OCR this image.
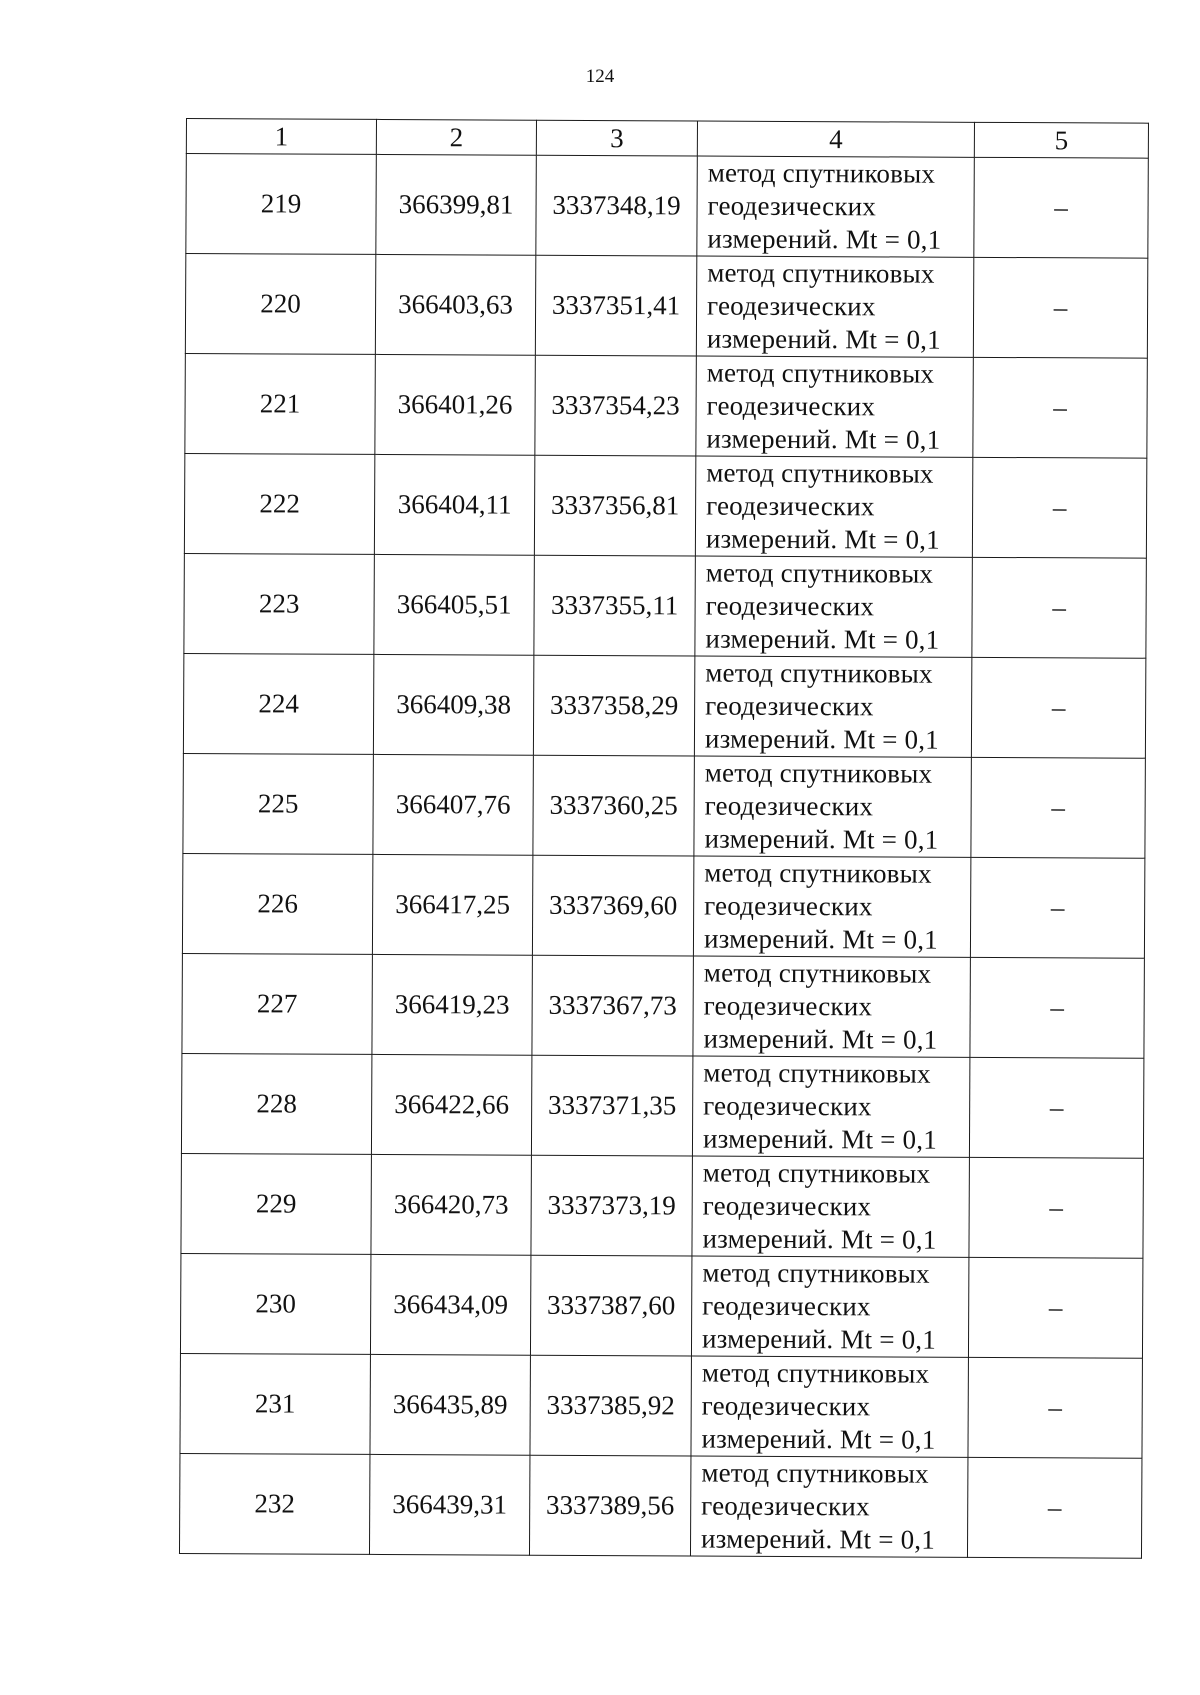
124
1	2	3	4	5
219	366399,81	3337348,19	метод спутниковых
геодезических
измерений. Mt = 0,1	–
220	366403,63	3337351,41	метод спутниковых
геодезических
измерений. Mt = 0,1	–
221	366401,26	3337354,23	метод спутниковых
геодезических
измерений. Mt = 0,1	–
222	366404,11	3337356,81	метод спутниковых
геодезических
измерений. Mt = 0,1	–
223	366405,51	3337355,11	метод спутниковых
геодезических
измерений. Mt = 0,1	–
224	366409,38	3337358,29	метод спутниковых
геодезических
измерений. Mt = 0,1	–
225	366407,76	3337360,25	метод спутниковых
геодезических
измерений. Mt = 0,1	–
226	366417,25	3337369,60	метод спутниковых
геодезических
измерений. Mt = 0,1	–
227	366419,23	3337367,73	метод спутниковых
геодезических
измерений. Mt = 0,1	–
228	366422,66	3337371,35	метод спутниковых
геодезических
измерений. Mt = 0,1	–
229	366420,73	3337373,19	метод спутниковых
геодезических
измерений. Mt = 0,1	–
230	366434,09	3337387,60	метод спутниковых
геодезических
измерений. Mt = 0,1	–
231	366435,89	3337385,92	метод спутниковых
геодезических
измерений. Mt = 0,1	–
232	366439,31	3337389,56	метод спутниковых
геодезических
измерений. Mt = 0,1	–
